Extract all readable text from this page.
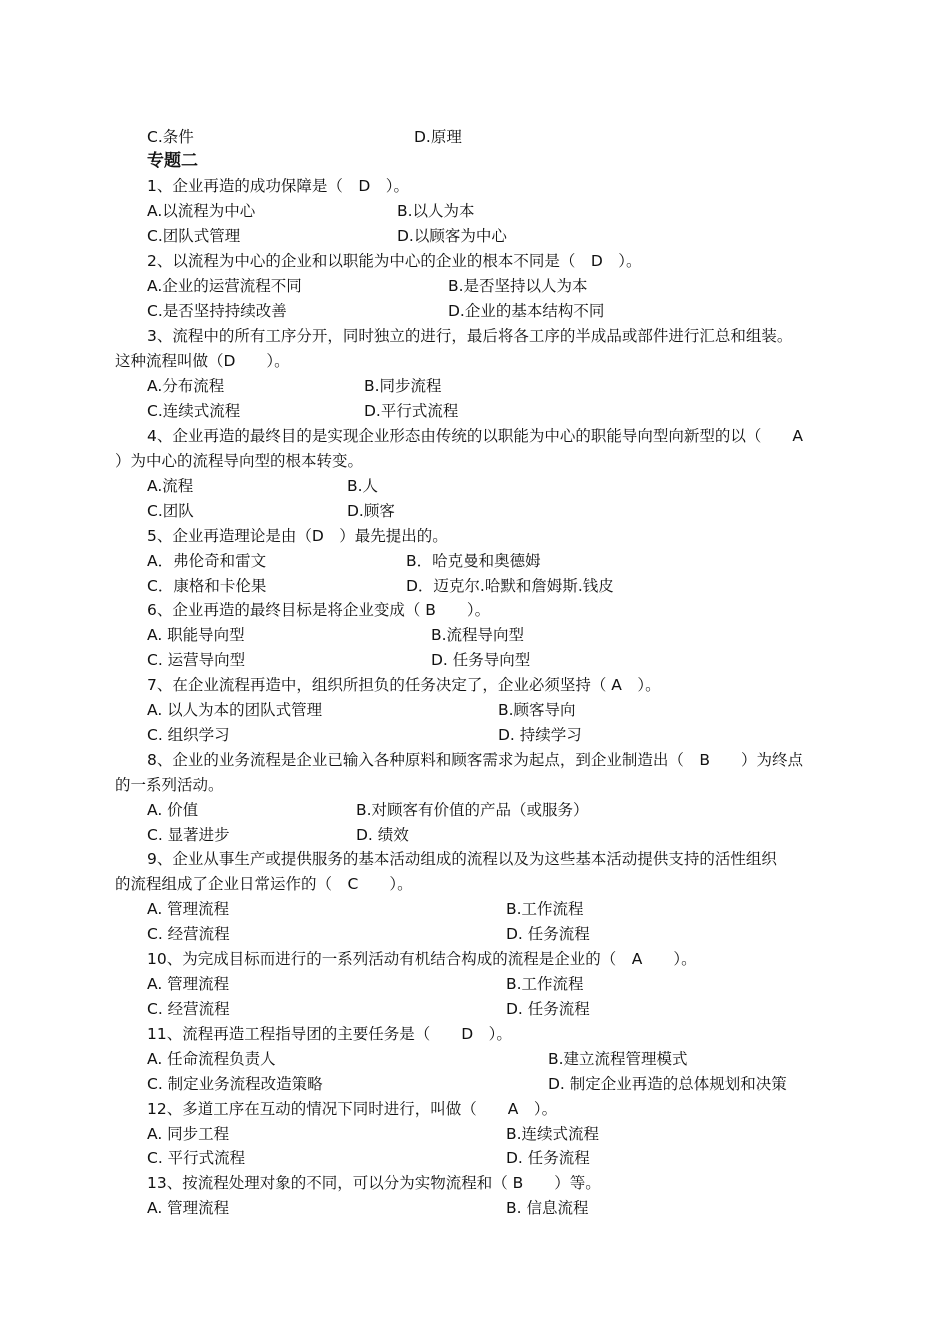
C.条件	D.原理
专题二
1、企业再造的成功保障是（　D　）。
A.以流程为中心	B.以人为本
C.团队式管理	D.以顾客为中心
2、以流程为中心的企业和以职能为中心的企业的根本不同是（　D　）。
A.企业的运营流程不同	B.是否坚持以人为本
C.是否坚持持续改善	D.企业的基本结构不同
3、流程中的所有工序分开，同时独立的进行，最后将各工序的半成品或部件进行汇总和组装。
这种流程叫做（D　　）。
A.分布流程	B.同步流程
C.连续式流程	D.平行式流程
4、企业再造的最终目的是实现企业形态由传统的以职能为中心的职能导向型向新型的以（　　A
）为中心的流程导向型的根本转变。
A.流程	B.人
C.团队	D.顾客
5、企业再造理论是由（D　）最先提出的。
A．弗伦奇和雷文	B．哈克曼和奥德姆
C．康格和卡伦果	D．迈克尔.哈默和詹姆斯.钱皮
6、企业再造的最终目标是将企业变成（ B　　）。
A. 职能导向型	B.流程导向型
C. 运营导向型	D. 任务导向型
7、在企业流程再造中，组织所担负的任务决定了，企业必须坚持（ A　）。
A. 以人为本的团队式管理	B.顾客导向
C. 组织学习	D. 持续学习
8、企业的业务流程是企业已输入各种原料和顾客需求为起点，到企业制造出（　B　　）为终点
的一系列活动。
A. 价值	B.对顾客有价值的产品（或服务）
C. 显著进步	D. 绩效
9、企业从事生产或提供服务的基本活动组成的流程以及为这些基本活动提供支持的活性组织
的流程组成了企业日常运作的（　C　　）。
A. 管理流程	B.工作流程
C. 经营流程	D. 任务流程
10、为完成目标而进行的一系列活动有机结合构成的流程是企业的（　A　　）。
A. 管理流程	B.工作流程
C. 经营流程	D. 任务流程
11、流程再造工程指导团的主要任务是（　　D　）。
A. 任命流程负责人	B.建立流程管理模式
C. 制定业务流程改造策略	D. 制定企业再造的总体规划和决策
12、多道工序在互动的情况下同时进行，叫做（　　A　）。
A. 同步工程	B.连续式流程
C. 平行式流程	D. 任务流程
13、按流程处理对象的不同，可以分为实物流程和（ B　　）等。
A. 管理流程	B. 信息流程
